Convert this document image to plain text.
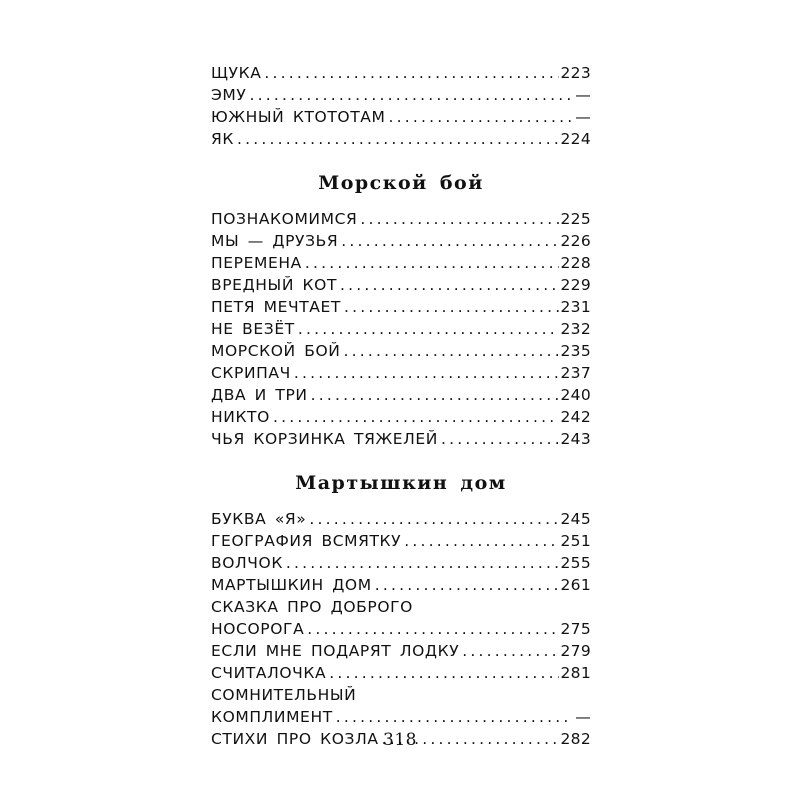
ЩУКА .....	223
ЭМУ .....	—
ЮЖНЫЙ КТОТОТАМ .....	—
ЯК .....	224
Морской бой
ПОЗНАКОМИМСЯ .....	225
МЫ — ДРУЗЬЯ .....	226
ПЕРЕМЕНА .....	228
ВРЕДНЫЙ КОТ .....	229
ПЕТЯ МЕЧТАЕТ .....	231
НЕ ВЕЗЁТ .....	232
МОРСКОЙ БОЙ .....	235
СКРИПАЧ .....	237
ДВА И ТРИ .....	240
НИКТО .....	242
ЧЬЯ КОРЗИНКА ТЯЖЕЛЕЙ .....	243
Мартышкин дом
БУКВА «Я» .....	245
ГЕОГРАФИЯ ВСМЯТКУ .....	251
ВОЛЧОК .....	255
МАРТЫШКИН ДОМ .....	261
СКАЗКА ПРО ДОБРОГО
НОСОРОГА .....	275
ЕСЛИ МНЕ ПОДАРЯТ ЛОДКУ .....	279
СЧИТАЛОЧКА .....	281
СОМНИТЕЛЬНЫЙ
КОМПЛИМЕНТ .....	—
СТИХИ ПРО КОЗЛА .....	282
318
